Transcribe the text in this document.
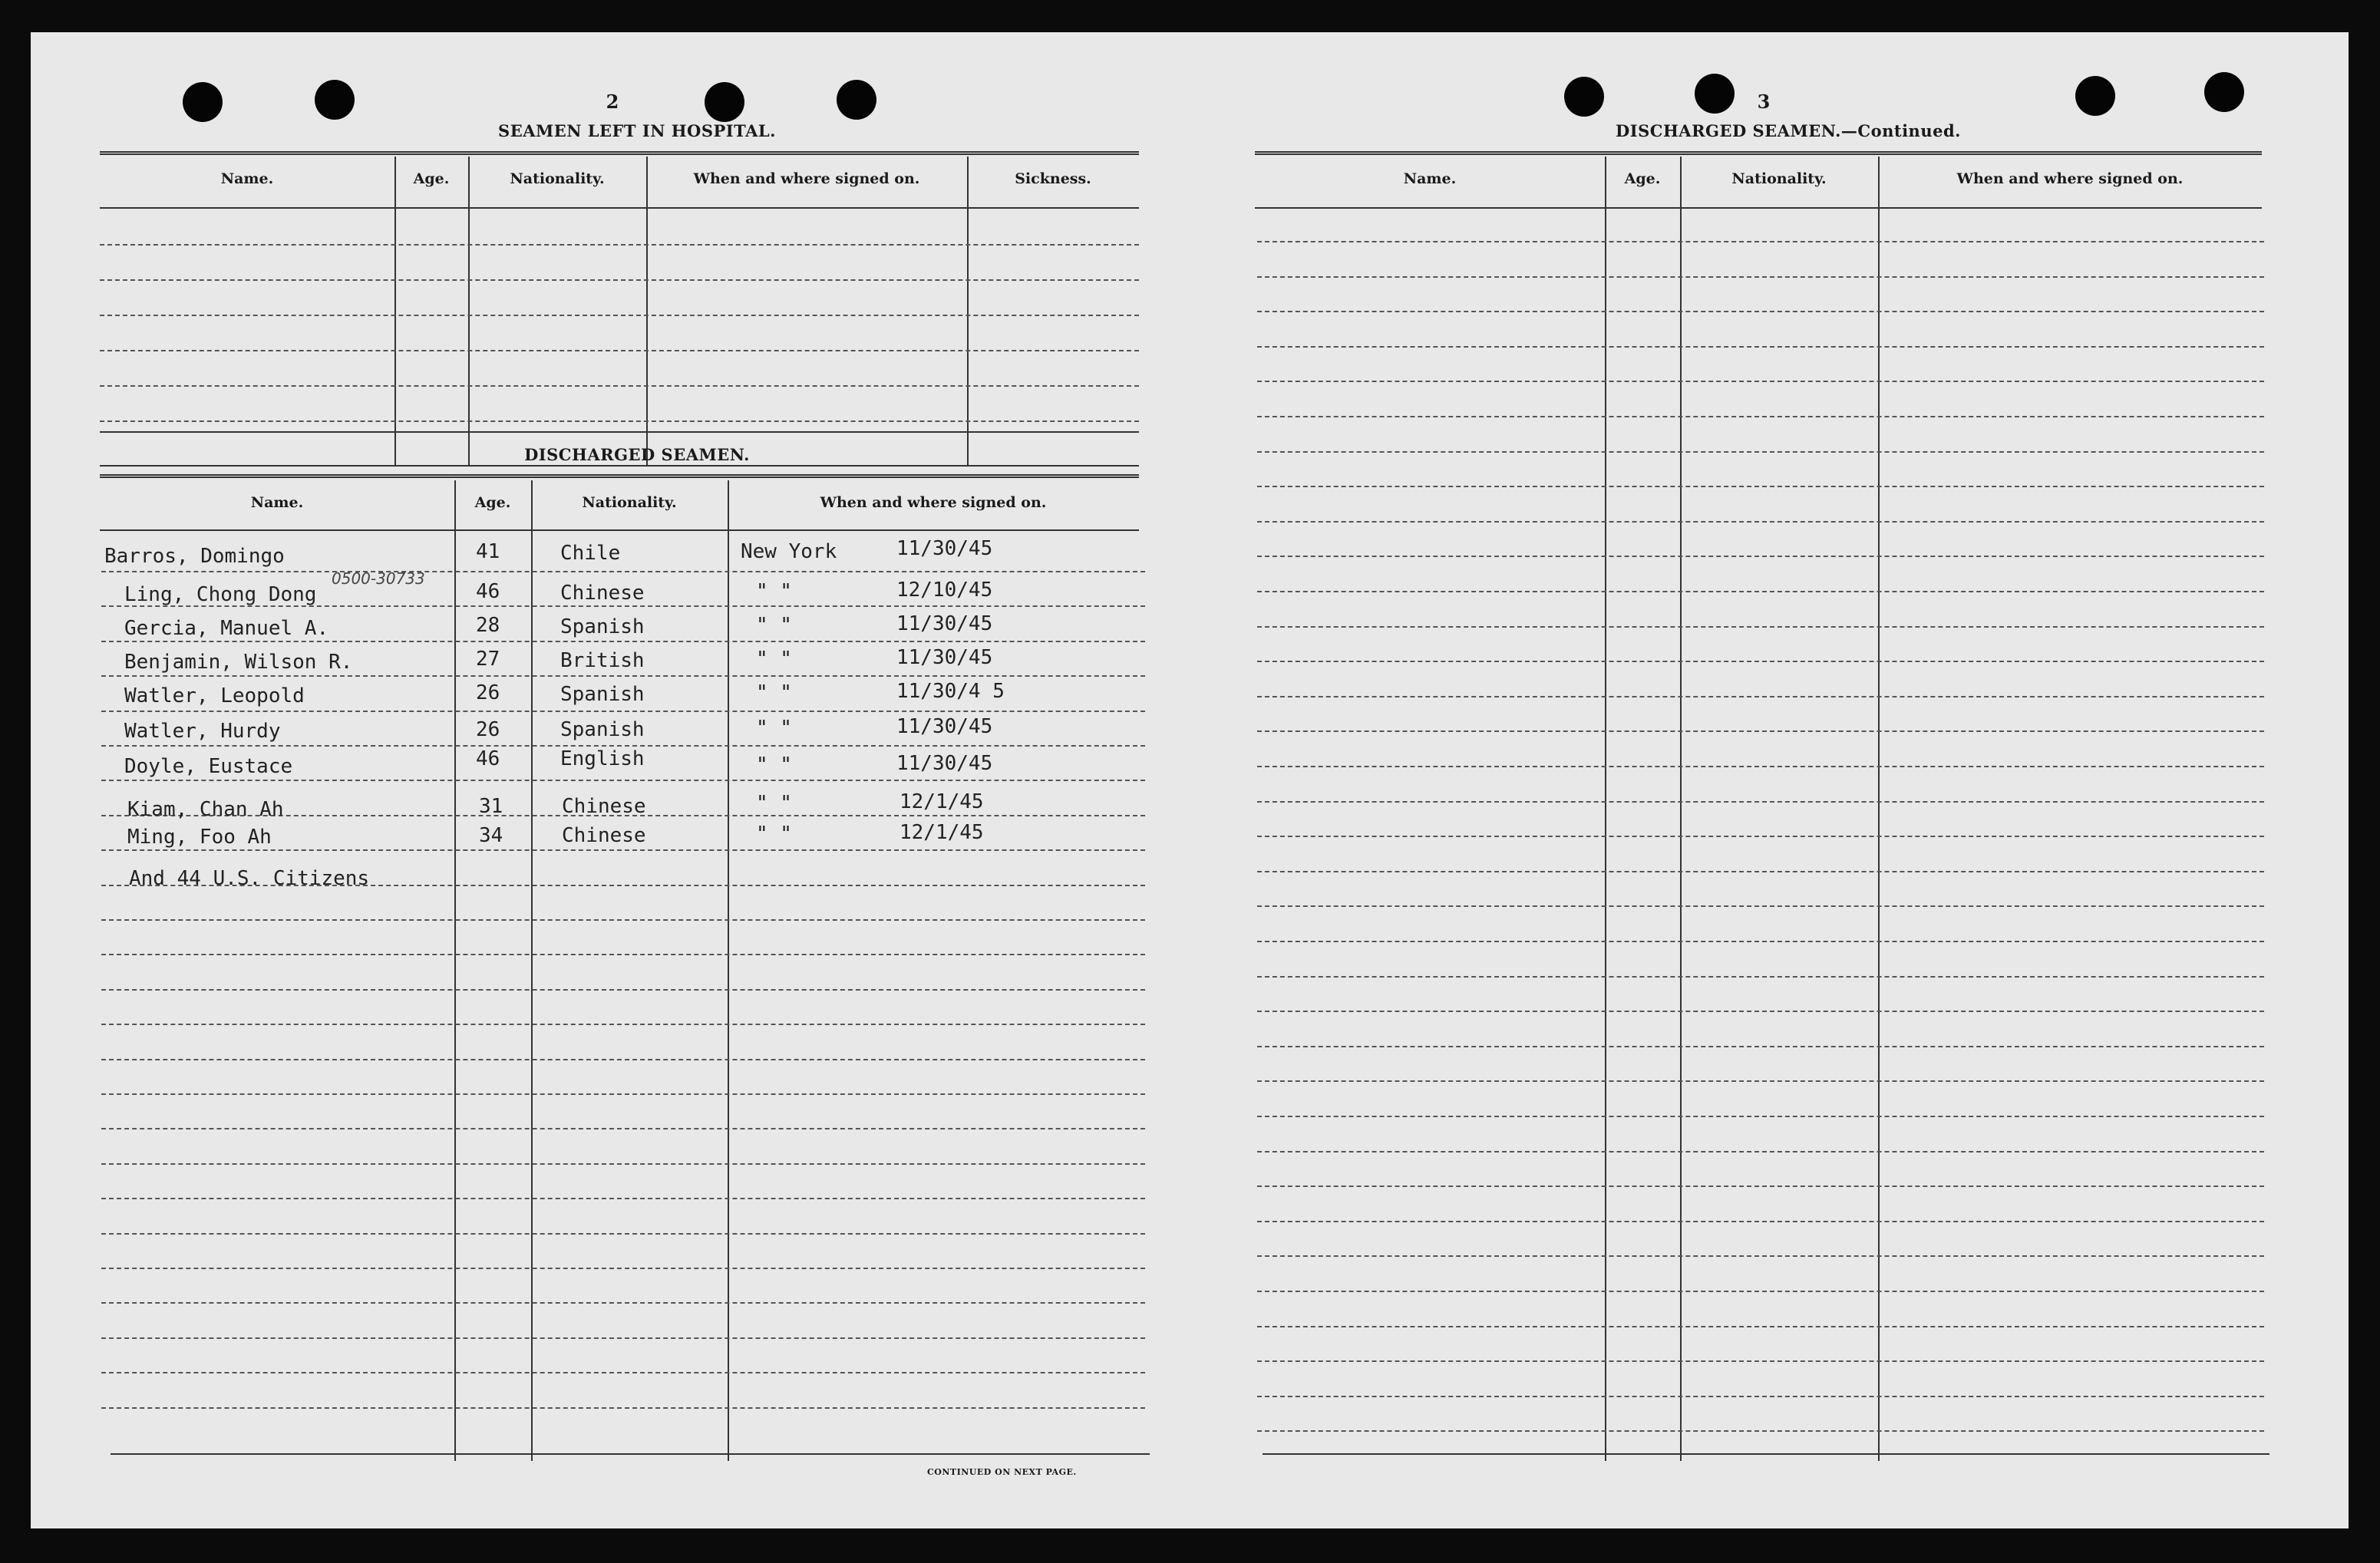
2
SEAMEN LEFT IN HOSPITAL.
Name.	Age.	Nationality.	When and where signed on.	Sickness.
DISCHARGED SEAMEN.
Name.	Age.	Nationality.	When and where signed on.
Barros, Domingo	41	Chile	New York	11/30/45
0500-30733
Ling, Chong Dong	46	Chinese	" "	12/10/45
Gercia, Manuel A.	28	Spanish	" "	11/30/45
Benjamin, Wilson R.	27	British	" "	11/30/45
Watler, Leopold	26	Spanish	" "	11/30/4 5
Watler, Hurdy	26	Spanish	" "	11/30/45
Doyle, Eustace	46	English	" "	11/30/45
Kiam, Chan Ah	31	Chinese	" "	12/1/45
Ming, Foo Ah	34	Chinese	" "	12/1/45
And 44 U.S. Citizens
CONTINUED ON NEXT PAGE.
3
DISCHARGED SEAMEN.—Continued.
Name.	Age.	Nationality.	When and where signed on.
